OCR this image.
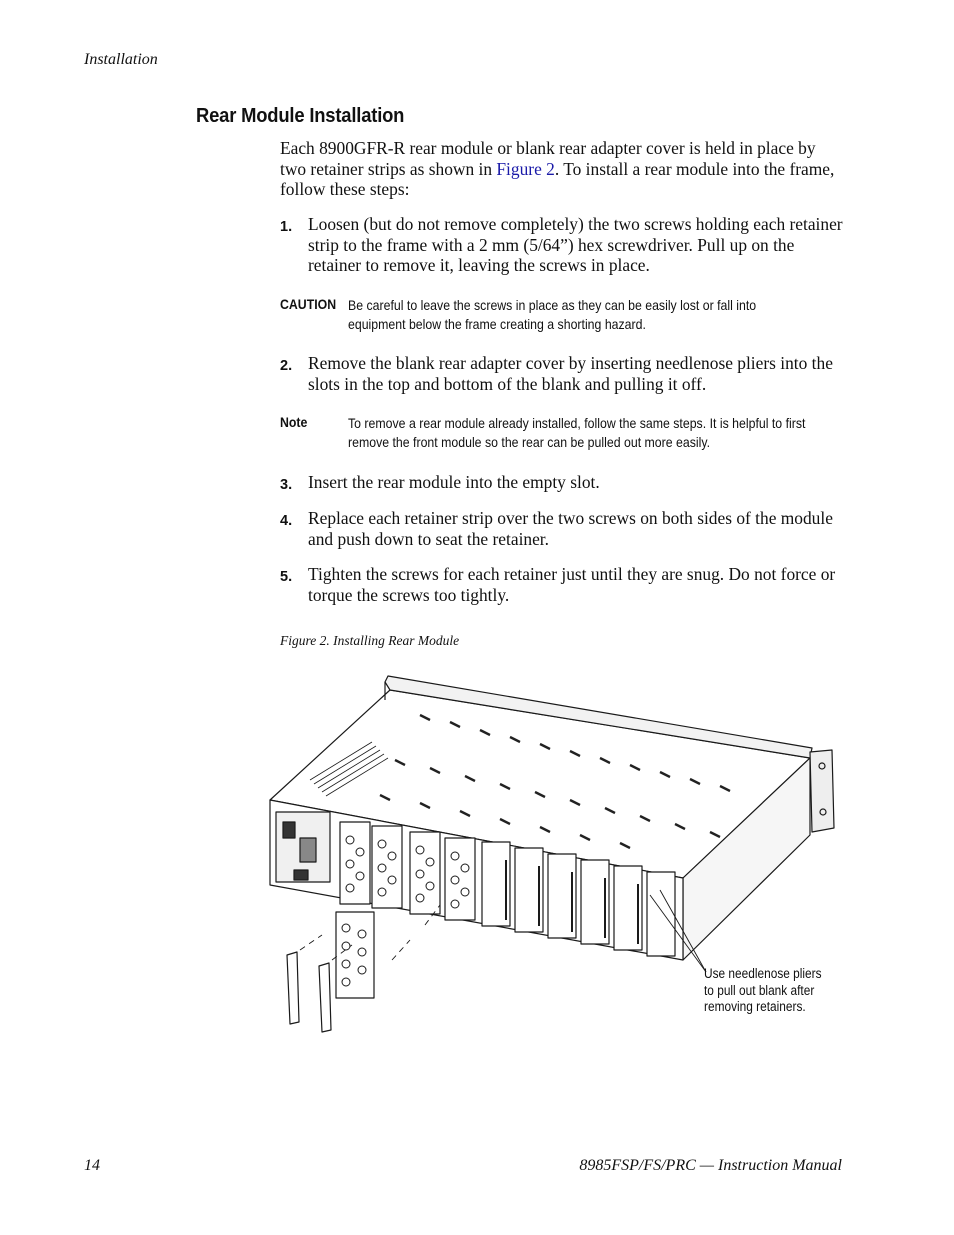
Installation
Rear Module Installation
Each 8900GFR-R rear module or blank rear adapter cover is held in place by two retainer strips as shown in Figure 2. To install a rear module into the frame, follow these steps:
1. Loosen (but do not remove completely) the two screws holding each retainer strip to the frame with a 2 mm (5/64”) hex screwdriver. Pull up on the retainer to remove it, leaving the screws in place.
CAUTION Be careful to leave the screws in place as they can be easily lost or fall into equipment below the frame creating a shorting hazard.
2. Remove the blank rear adapter cover by inserting needlenose pliers into the slots in the top and bottom of the blank and pulling it off.
Note	To remove a rear module already installed, follow the same steps. It is helpful to first remove the front module so the rear can be pulled out more easily.
3. Insert the rear module into the empty slot.
4. Replace each retainer strip over the two screws on both sides of the module and push down to seat the retainer.
5. Tighten the screws for each retainer just until they are snug. Do not force or torque the screws too tightly.
Figure 2. Installing Rear Module
Use needlenose pliers
to pull out blank after
removing retainers.
14	8985FSP/FS/PRC — Instruction Manual
